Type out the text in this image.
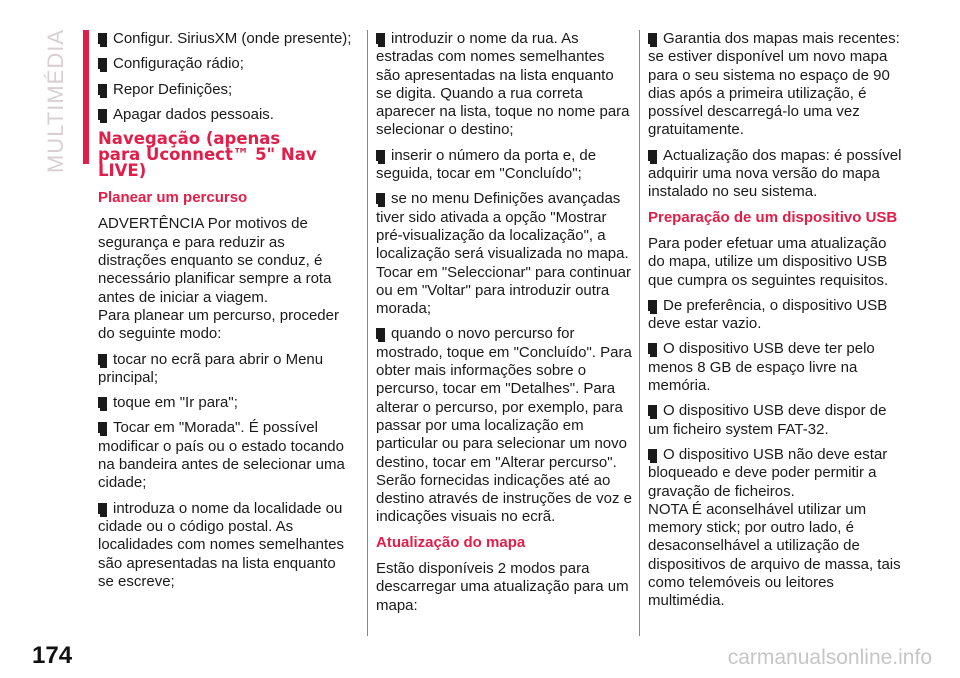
MULTIMÉDIA	Configur. SiriusXM (onde presente);
Configuração rádio;
Repor Definições;
Apagar dados pessoais.
Navegação (apenas
para Uconnect™ 5" Nav
LIVE)
Planear um percurso
ADVERTÊNCIA Por motivos de segurança e para reduzir as distrações enquanto se conduz, é necessário planificar sempre a rota antes de iniciar a viagem.
Para planear um percurso, proceder do seguinte modo:
tocar no ecrã para abrir o Menu principal;
toque em "Ir para";
Tocar em "Morada". É possível modificar o país ou o estado tocando na bandeira antes de selecionar uma cidade;
introduza o nome da localidade ou cidade ou o código postal. As localidades com nomes semelhantes são apresentadas na lista enquanto se escreve;
introduzir o nome da rua. As estradas com nomes semelhantes são apresentadas na lista enquanto se digita. Quando a rua correta aparecer na lista, toque no nome para selecionar o destino;
inserir o número da porta e, de seguida, tocar em "Concluído";
se no menu Definições avançadas tiver sido ativada a opção "Mostrar pré-visualização da localização", a localização será visualizada no mapa. Tocar em "Seleccionar" para continuar ou em "Voltar" para introduzir outra morada;
quando o novo percurso for mostrado, toque em "Concluído". Para obter mais informações sobre o percurso, tocar em "Detalhes". Para alterar o percurso, por exemplo, para passar por uma localização em particular ou para selecionar um novo destino, tocar em "Alterar percurso". Serão fornecidas indicações até ao destino através de instruções de voz e indicações visuais no ecrã.
Atualização do mapa
Estão disponíveis 2 modos para descarregar uma atualização para um mapa:
Garantia dos mapas mais recentes: se estiver disponível um novo mapa para o seu sistema no espaço de 90 dias após a primeira utilização, é possível descarregá-lo uma vez gratuitamente.
Actualização dos mapas: é possível adquirir uma nova versão do mapa instalado no seu sistema.
Preparação de um dispositivo USB
Para poder efetuar uma atualização do mapa, utilize um dispositivo USB que cumpra os seguintes requisitos.
De preferência, o dispositivo USB deve estar vazio.
O dispositivo USB deve ter pelo menos 8 GB de espaço livre na memória.
O dispositivo USB deve dispor de um ficheiro system FAT-32.
O dispositivo USB não deve estar bloqueado e deve poder permitir a gravação de ficheiros.
NOTA É aconselhável utilizar um memory stick; por outro lado, é desaconselhável a utilização de dispositivos de arquivo de massa, tais como telemóveis ou leitores multimédia.
174	carmanualsonline.info
